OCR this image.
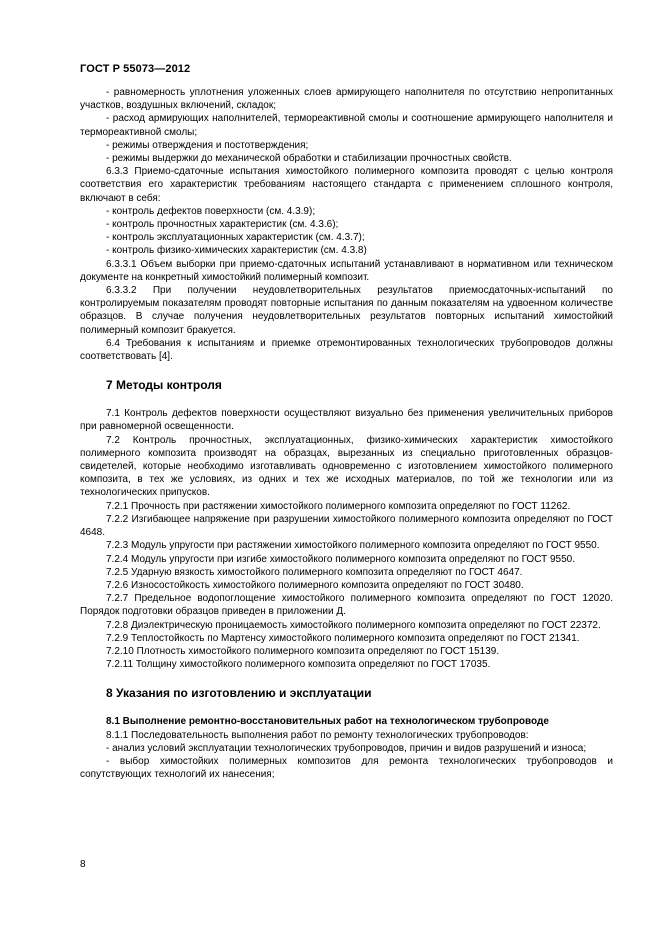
ГОСТ Р 55073—2012

- равномерность уплотнения уложенных слоев армирующего наполнителя по отсутствию непропитанных участков, воздушных включений, складок;

- расход армирующих наполнителей, термореактивной смолы и соотношение армирующего наполнителя и термореактивной смолы;

- режимы отверждения и постотверждения;

- режимы выдержки до механической обработки и стабилизации прочностных свойств.

6.3.3 Приемо-сдаточные испытания химостойкого полимерного композита проводят с целью контроля соответствия его характеристик требованиям настоящего стандарта с применением сплошного контроля, включают в себя:

- контроль дефектов поверхности (см. 4.3.9);

- контроль прочностных характеристик (см. 4.3.6);

- контроль эксплуатационных характеристик (см. 4.3.7);

- контроль физико-химических характеристик (см. 4.3.8)

6.3.3.1 Объем выборки при приемо-сдаточных испытаний устанавливают в нормативном или техническом документе на конкретный химостойкий полимерный композит.

6.3.3.2 При получении неудовлетворительных результатов приемосдаточных-испытаний по контролируемым показателям проводят повторные испытания по данным показателям на удвоенном количестве образцов. В случае получения неудовлетворительных результатов повторных испытаний химостойкий полимерный композит бракуется.

6.4 Требования к испытаниям и приемке отремонтированных технологических трубопроводов должны соответствовать [4].

7 Методы контроля

7.1 Контроль дефектов поверхности осуществляют визуально без применения увеличительных приборов при равномерной освещенности.

7.2 Контроль прочностных, эксплуатационных, физико-химических характеристик химостойкого полимерного композита производят на образцах, вырезанных из специально приготовленных образцов-свидетелей, которые необходимо изготавливать одновременно с изготовлением химостойкого полимерного композита, в тех же условиях, из одних и тех же исходных материалов, по той же технологии или из технологических припусков.

7.2.1 Прочность при растяжении химостойкого полимерного композита определяют по ГОСТ 11262.

7.2.2 Изгибающее напряжение при разрушении химостойкого полимерного композита определяют по ГОСТ 4648.

7.2.3 Модуль упругости при растяжении химостойкого полимерного композита определяют по ГОСТ 9550.

7.2.4 Модуль упругости при изгибе химостойкого полимерного композита определяют по ГОСТ 9550.

7.2.5 Ударную вязкость химостойкого полимерного композита определяют по ГОСТ 4647.

7.2.6 Износостойкость химостойкого полимерного композита определяют по ГОСТ 30480.

7.2.7 Предельное водопоглощение химостойкого полимерного композита определяют по ГОСТ 12020. Порядок подготовки образцов приведен в приложении Д.

7.2.8 Диэлектрическую проницаемость химостойкого полимерного композита определяют по ГОСТ 22372.

7.2.9 Теплостойкость по Мартенсу химостойкого полимерного композита определяют по ГОСТ 21341.

7.2.10 Плотность химостойкого полимерного композита определяют по ГОСТ 15139.

7.2.11 Толщину химостойкого полимерного композита определяют по ГОСТ 17035.

8 Указания по изготовлению и эксплуатации

8.1 Выполнение ремонтно-восстановительных работ на технологическом трубопроводе

8.1.1 Последовательность выполнения работ по ремонту технологических трубопроводов:

- анализ условий эксплуатации технологических трубопроводов, причин и видов разрушений и износа;

- выбор химостойких полимерных композитов для ремонта технологических трубопроводов и сопутствующих технологий их нанесения;

8
